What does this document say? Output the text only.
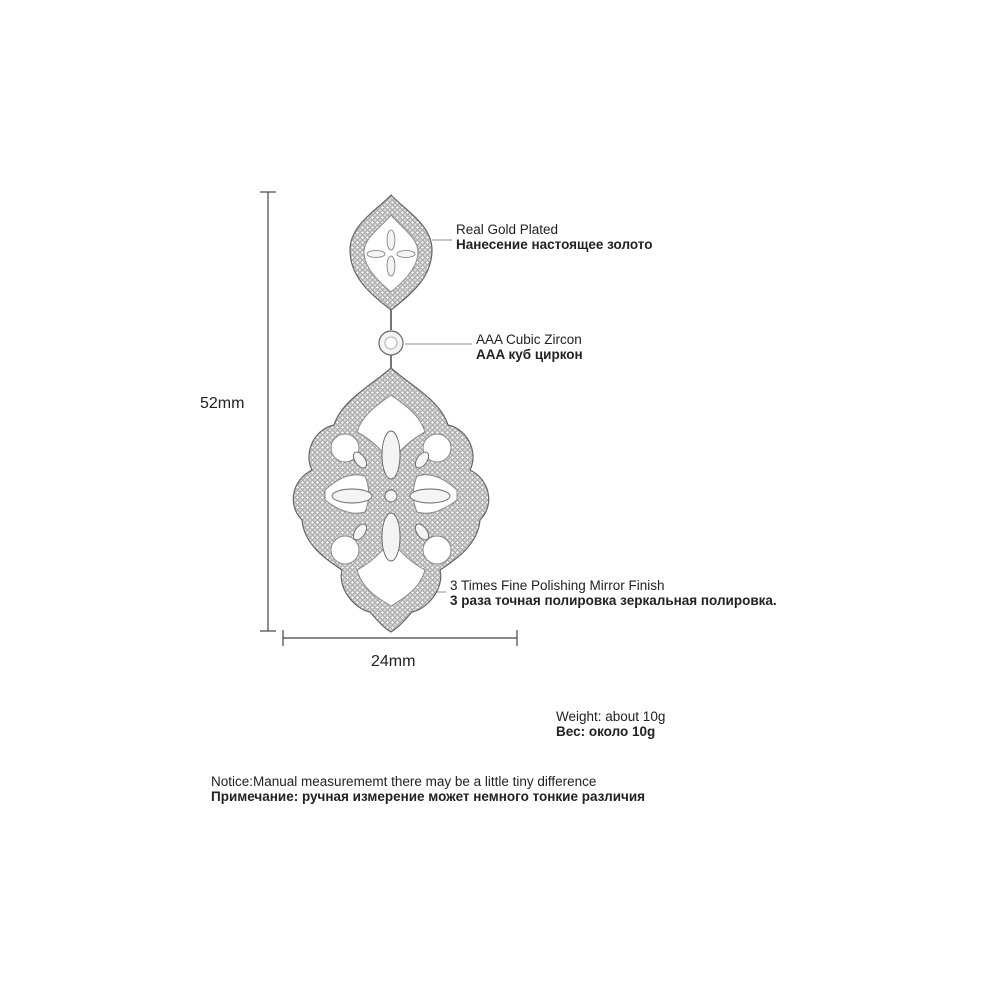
52mm
24mm
Real Gold Plated
Нанесение настоящее золото
AAA Cubic Zircon
AAA куб циркон
3 Times Fine Polishing Mirror Finish
3 раза точная полировка зеркальная полировка.
Weight: about 10g
Вес: около 10g
Notice:Manual measurememt there may be a little tiny difference
Примечание: ручная измерение может немного тонкие различия
